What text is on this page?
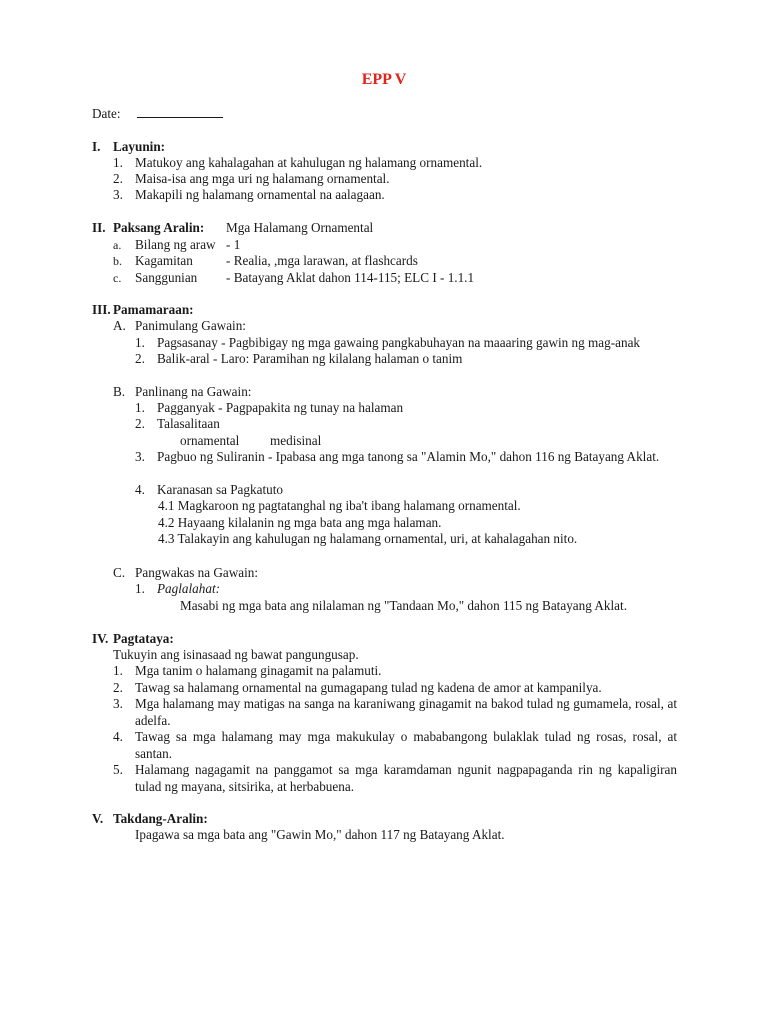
EPP V
Date:
I. Layunin:
1. Matukoy ang kahalagahan at kahulugan ng halamang ornamental.
2. Maisa-isa ang mga uri ng halamang ornamental.
3. Makapili ng halamang ornamental na aalagaan.
II. Paksang Aralin: Mga Halamang Ornamental
a. Bilang ng araw - 1
b. Kagamitan	- Realia, ,mga larawan, at flashcards
c. Sanggunian - Batayang Aklat dahon 114-115; ELC I - 1.1.1
III. Pamamaraan:
A. Panimulang Gawain:
1. Pagsasanay - Pagbibigay ng mga gawaing pangkabuhayan na maaaring gawin ng mag-anak
2. Balik-aral - Laro: Paramihan ng kilalang halaman o tanim
B. Panlinang na Gawain:
1. Pagganyak - Pagpapakita ng tunay na halaman
2. Talasalitaan
ornamental medisinal
3. Pagbuo ng Suliranin - Ipabasa ang mga tanong sa "Alamin Mo," dahon 116 ng Batayang Aklat.
4. Karanasan sa Pagkatuto
4.1 Magkaroon ng pagtatanghal ng iba't ibang halamang ornamental.
4.2 Hayaang kilalanin ng mga bata ang mga halaman.
4.3 Talakayin ang kahulugan ng halamang ornamental, uri, at kahalagahan nito.
C. Pangwakas na Gawain:
1. Paglalahat:
Masabi ng mga bata ang nilalaman ng "Tandaan Mo," dahon 115 ng Batayang Aklat.
IV. Pagtataya:
Tukuyin ang isinasaad ng bawat pangungusap.
1. Mga tanim o halamang ginagamit na palamuti.
2. Tawag sa halamang ornamental na gumagapang tulad ng kadena de amor at kampanilya.
3. Mga halamang may matigas na sanga na karaniwang ginagamit na bakod tulad ng gumamela, rosal, at adelfa.
4. Tawag sa mga halamang may mga makukulay o mababangong bulaklak tulad ng rosas, rosal, at santan.
5. Halamang nagagamit na panggamot sa mga karamdaman ngunit nagpapaganda rin ng kapaligiran tulad ng mayana, sitsirika, at herbabuena.
V. Takdang-Aralin:
Ipagawa sa mga bata ang "Gawin Mo," dahon 117 ng Batayang Aklat.
